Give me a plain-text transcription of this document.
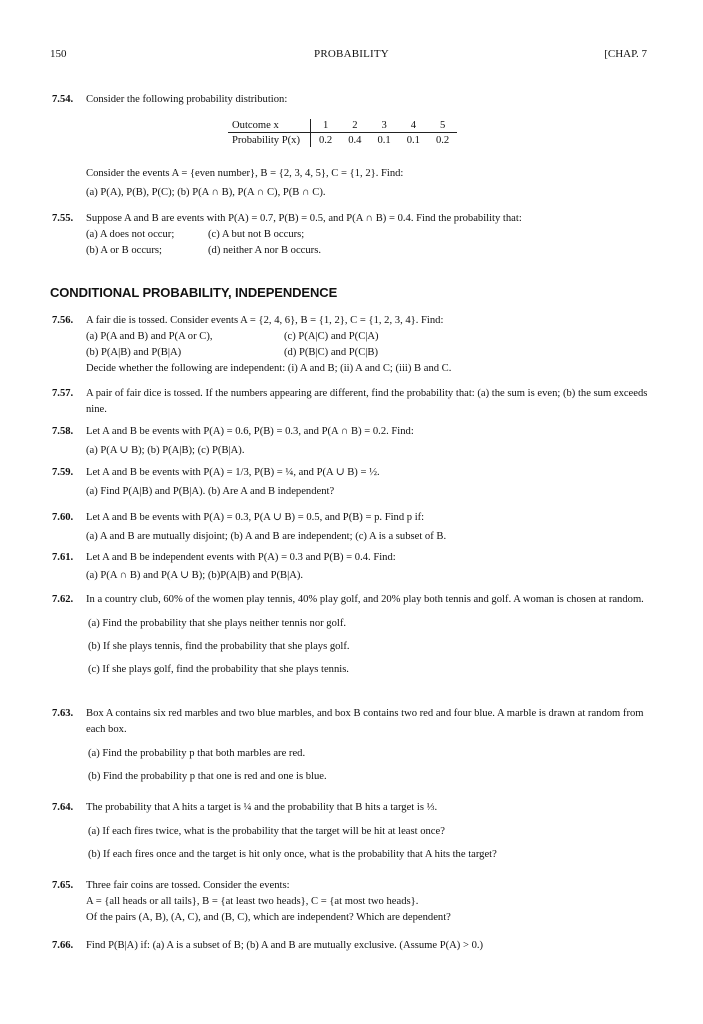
150	PROBABILITY	[CHAP. 7
7.54. Consider the following probability distribution:
Outcome x	1	2	3	4	5
Probability P(x)	0.2	0.4	0.1	0.1	0.2
Consider the events A = {even number}, B = {2, 3, 4, 5}, C = {1, 2}. Find:
(a) P(A), P(B), P(C); (b) P(A ∩ B), P(A ∩ C), P(B ∩ C).
7.55. Suppose A and B are events with P(A) = 0.7, P(B) = 0.5, and P(A ∩ B) = 0.4. Find the probability that:
(a) A does not occur;	(c) A but not B occurs;
(b) A or B occurs;	(d) neither A nor B occurs.
CONDITIONAL PROBABILITY, INDEPENDENCE
7.56. A fair die is tossed. Consider events A = {2, 4, 6}, B = {1, 2}, C = {1, 2, 3, 4}. Find:
(a) P(A and B) and P(A or C),	(c) P(A|C) and P(C|A)
(b) P(A|B) and P(B|A)	(d) P(B|C) and P(C|B)
Decide whether the following are independent: (i) A and B; (ii) A and C; (iii) B and C.
7.57. A pair of fair dice is tossed. If the numbers appearing are different, find the probability that: (a) the sum is even; (b) the sum exceeds nine.
7.58. Let A and B be events with P(A) = 0.6, P(B) = 0.3, and P(A ∩ B) = 0.2. Find:
(a) P(A ∪ B); (b) P(A|B); (c) P(B|A).
7.59. Let A and B be events with P(A) = 1/3, P(B) = ¼, and P(A ∪ B) = ½.
(a) Find P(A|B) and P(B|A). (b) Are A and B independent?
7.60. Let A and B be events with P(A) = 0.3, P(A ∪ B) = 0.5, and P(B) = p. Find p if:
(a) A and B are mutually disjoint; (b) A and B are independent; (c) A is a subset of B.
7.61. Let A and B be independent events with P(A) = 0.3 and P(B) = 0.4. Find:
(a) P(A ∩ B) and P(A ∪ B); (b)P(A|B) and P(B|A).
7.62. In a country club, 60% of the women play tennis, 40% play golf, and 20% play both tennis and golf. A woman is chosen at random.
(a) Find the probability that she plays neither tennis nor golf.
(b) If she plays tennis, find the probability that she plays golf.
(c) If she plays golf, find the probability that she plays tennis.
7.63. Box A contains six red marbles and two blue marbles, and box B contains two red and four blue. A marble is drawn at random from each box.
(a) Find the probability p that both marbles are red.
(b) Find the probability p that one is red and one is blue.
7.64. The probability that A hits a target is ¼ and the probability that B hits a target is ⅓.
(a) If each fires twice, what is the probability that the target will be hit at least once?
(b) If each fires once and the target is hit only once, what is the probability that A hits the target?
7.65. Three fair coins are tossed. Consider the events:
A = {all heads or all tails}, B = {at least two heads}, C = {at most two heads}.
Of the pairs (A, B), (A, C), and (B, C), which are independent? Which are dependent?
7.66. Find P(B|A) if: (a) A is a subset of B; (b) A and B are mutually exclusive. (Assume P(A) > 0.)
